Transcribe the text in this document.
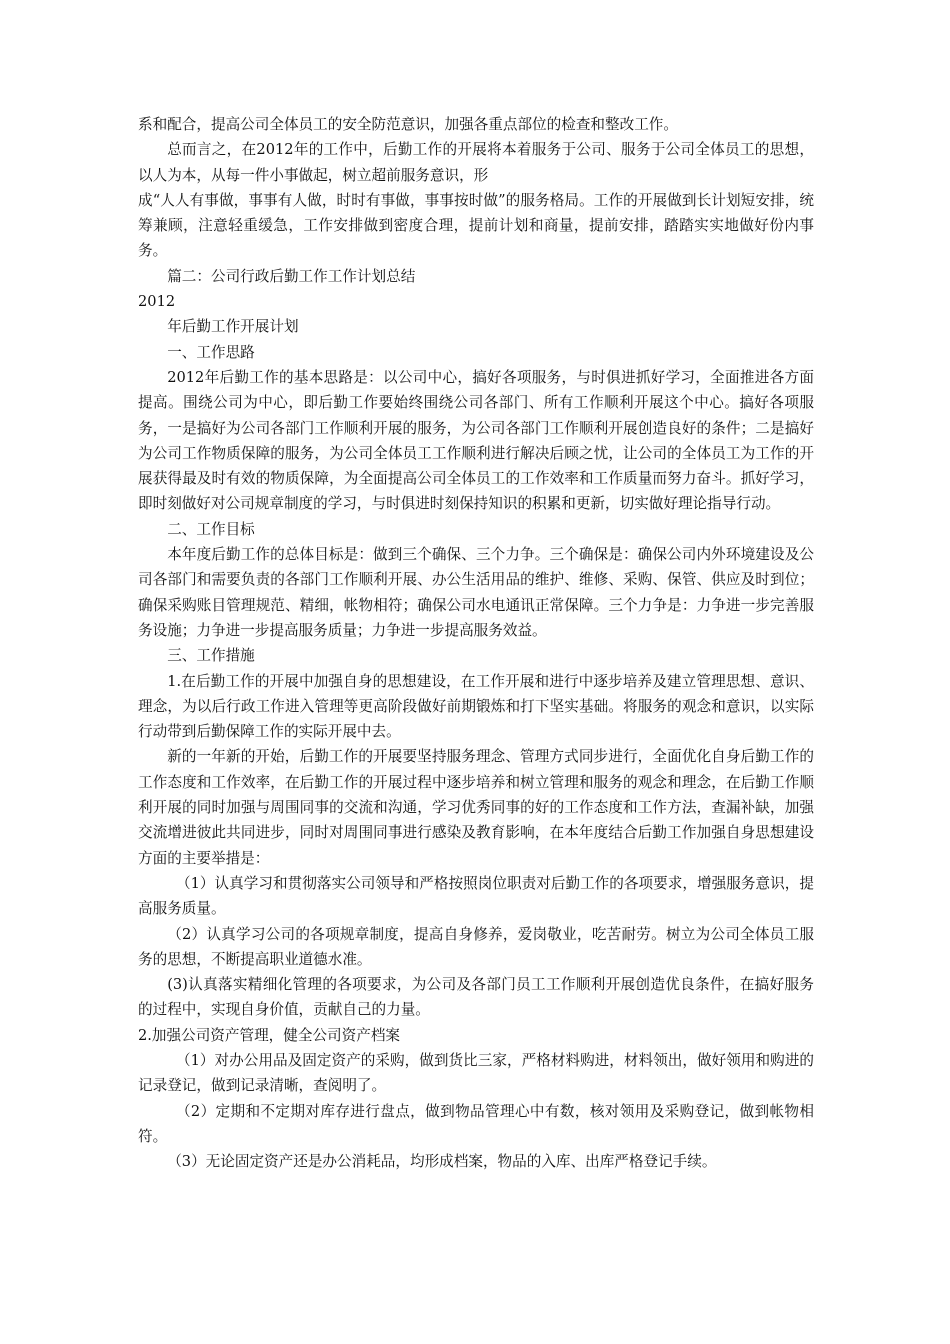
系和配合，提高公司全体员工的安全防范意识，加强各重点部位的检查和整改工作。

总而言之，在2012年的工作中，后勤工作的开展将本着服务于公司、服务于公司全体员工的思想，以人为本，从每一件小事做起，树立超前服务意识，形

成“人人有事做，事事有人做，时时有事做，事事按时做”的服务格局。工作的开展做到长计划短安排，统筹兼顾，注意轻重缓急，工作安排做到密度合理，提前计划和商量，提前安排，踏踏实实地做好份内事务。

篇二：公司行政后勤工作工作计划总结

2012

年后勤工作开展计划

一、工作思路

2012年后勤工作的基本思路是：以公司中心，搞好各项服务，与时俱进抓好学习，全面推进各方面提高。围绕公司为中心，即后勤工作要始终围绕公司各部门、所有工作顺利开展这个中心。搞好各项服务，一是搞好为公司各部门工作顺利开展的服务，为公司各部门工作顺利开展创造良好的条件；二是搞好为公司工作物质保障的服务，为公司全体员工工作顺利进行解决后顾之忧，让公司的全体员工为工作的开展获得最及时有效的物质保障，为全面提高公司全体员工的工作效率和工作质量而努力奋斗。抓好学习，即时刻做好对公司规章制度的学习，与时俱进时刻保持知识的积累和更新，切实做好理论指导行动。

二、工作目标

本年度后勤工作的总体目标是：做到三个确保、三个力争。三个确保是：确保公司内外环境建设及公司各部门和需要负责的各部门工作顺利开展、办公生活用品的维护、维修、采购、保管、供应及时到位；确保采购账目管理规范、精细，帐物相符；确保公司水电通讯正常保障。三个力争是：力争进一步完善服务设施；力争进一步提高服务质量；力争进一步提高服务效益。

三、工作措施

1.在后勤工作的开展中加强自身的思想建设，在工作开展和进行中逐步培养及建立管理思想、意识、理念，为以后行政工作进入管理等更高阶段做好前期锻炼和打下坚实基础。将服务的观念和意识，以实际行动带到后勤保障工作的实际开展中去。

新的一年新的开始，后勤工作的开展要坚持服务理念、管理方式同步进行，全面优化自身后勤工作的工作态度和工作效率，在后勤工作的开展过程中逐步培养和树立管理和服务的观念和理念，在后勤工作顺利开展的同时加强与周围同事的交流和沟通，学习优秀同事的好的工作态度和工作方法，查漏补缺，加强交流增进彼此共同进步，同时对周围同事进行感染及教育影响，在本年度结合后勤工作加强自身思想建设方面的主要举措是：

（1）认真学习和贯彻落实公司领导和严格按照岗位职责对后勤工作的各项要求，增强服务意识，提高服务质量。

（2）认真学习公司的各项规章制度，提高自身修养，爱岗敬业，吃苦耐劳。树立为公司全体员工服务的思想，不断提高职业道德水准。

(3)认真落实精细化管理的各项要求，为公司及各部门员工工作顺利开展创造优良条件，在搞好服务的过程中，实现自身价值，贡献自己的力量。

2.加强公司资产管理，健全公司资产档案

（1）对办公用品及固定资产的采购，做到货比三家，严格材料购进，材料领出，做好领用和购进的记录登记，做到记录清晰，查阅明了。

（2）定期和不定期对库存进行盘点，做到物品管理心中有数，核对领用及采购登记，做到帐物相符。

（3）无论固定资产还是办公消耗品，均形成档案，物品的入库、出库严格登记手续。
